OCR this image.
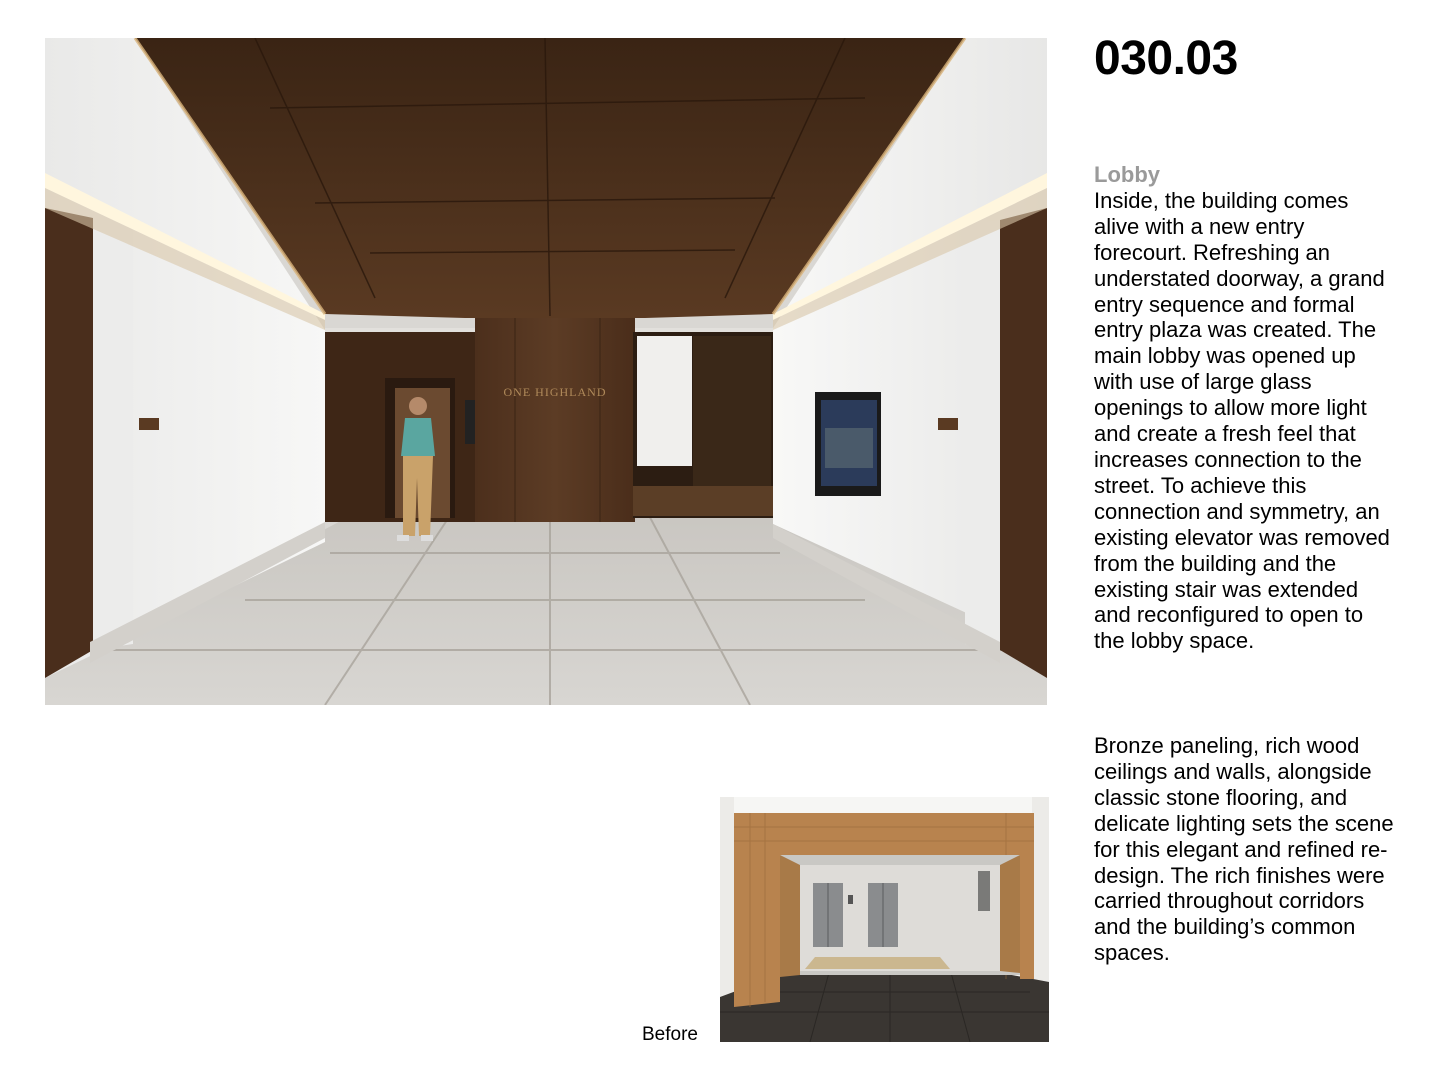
ONE HIGHLAND
Before
030.03
Lobby

Inside, the building comes alive with a new entry forecourt. Refreshing an understated doorway, a grand entry sequence and formal entry plaza was created. The main lobby was opened up with use of large glass openings to allow more light and create a fresh feel that increases connection to the street. To achieve this connection and symmetry, an existing elevator was removed from the building and the existing stair was extended and reconfigured to open to the lobby space.

Bronze paneling, rich wood ceilings and walls, alongside classic stone flooring, and delicate lighting sets the scene for this elegant and refined re-design. The rich finishes were carried throughout corridors and the building’s common spaces.
